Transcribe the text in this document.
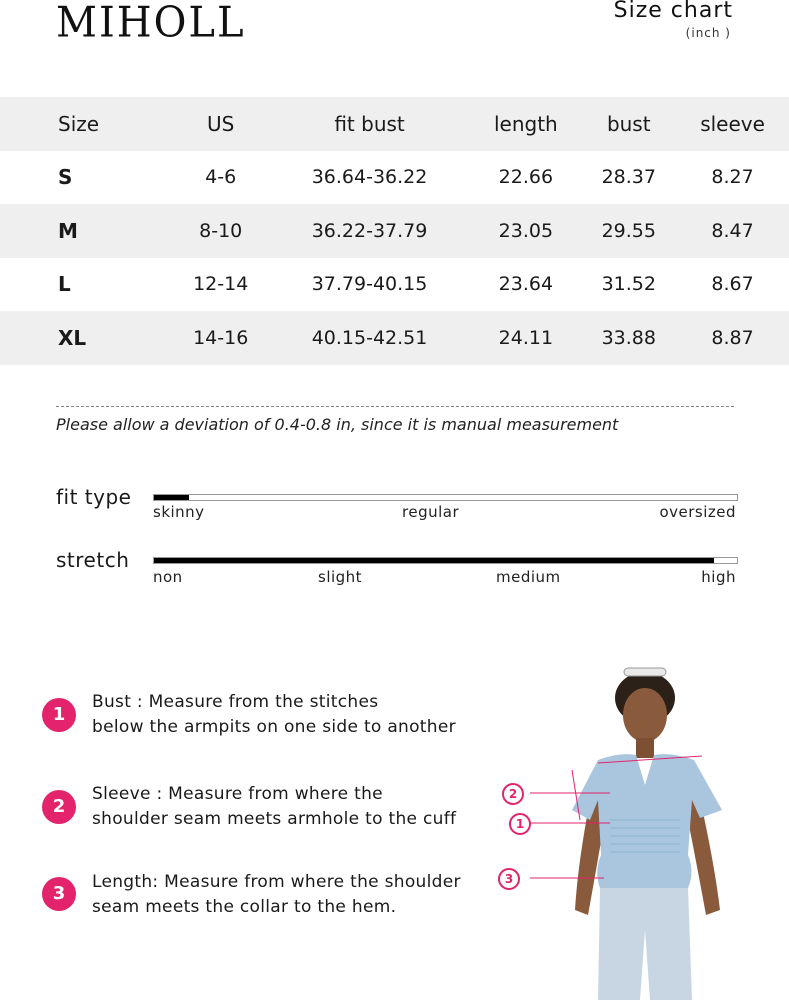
MIHOLL	Size chart
(inch )
Size	US	fit bust	length	bust	sleeve
S	4-6	36.64-36.22	22.66	28.37	8.27
M	8-10	36.22-37.79	23.05	29.55	8.47
L	12-14	37.79-40.15	23.64	31.52	8.67
XL	14-16	40.15-42.51	24.11	33.88	8.87
Please allow a deviation of 0.4-0.8 in, since it is manual measurement
fit type
skinny	regular	oversized
stretch
non	slight	medium	high
1
Bust : Measure from the stitches
below the armpits on one side to another
2
Sleeve : Measure from where the
shoulder seam meets armhole to the cuff
3
Length: Measure from where the shoulder
seam meets the collar to the hem.
2
1
3
